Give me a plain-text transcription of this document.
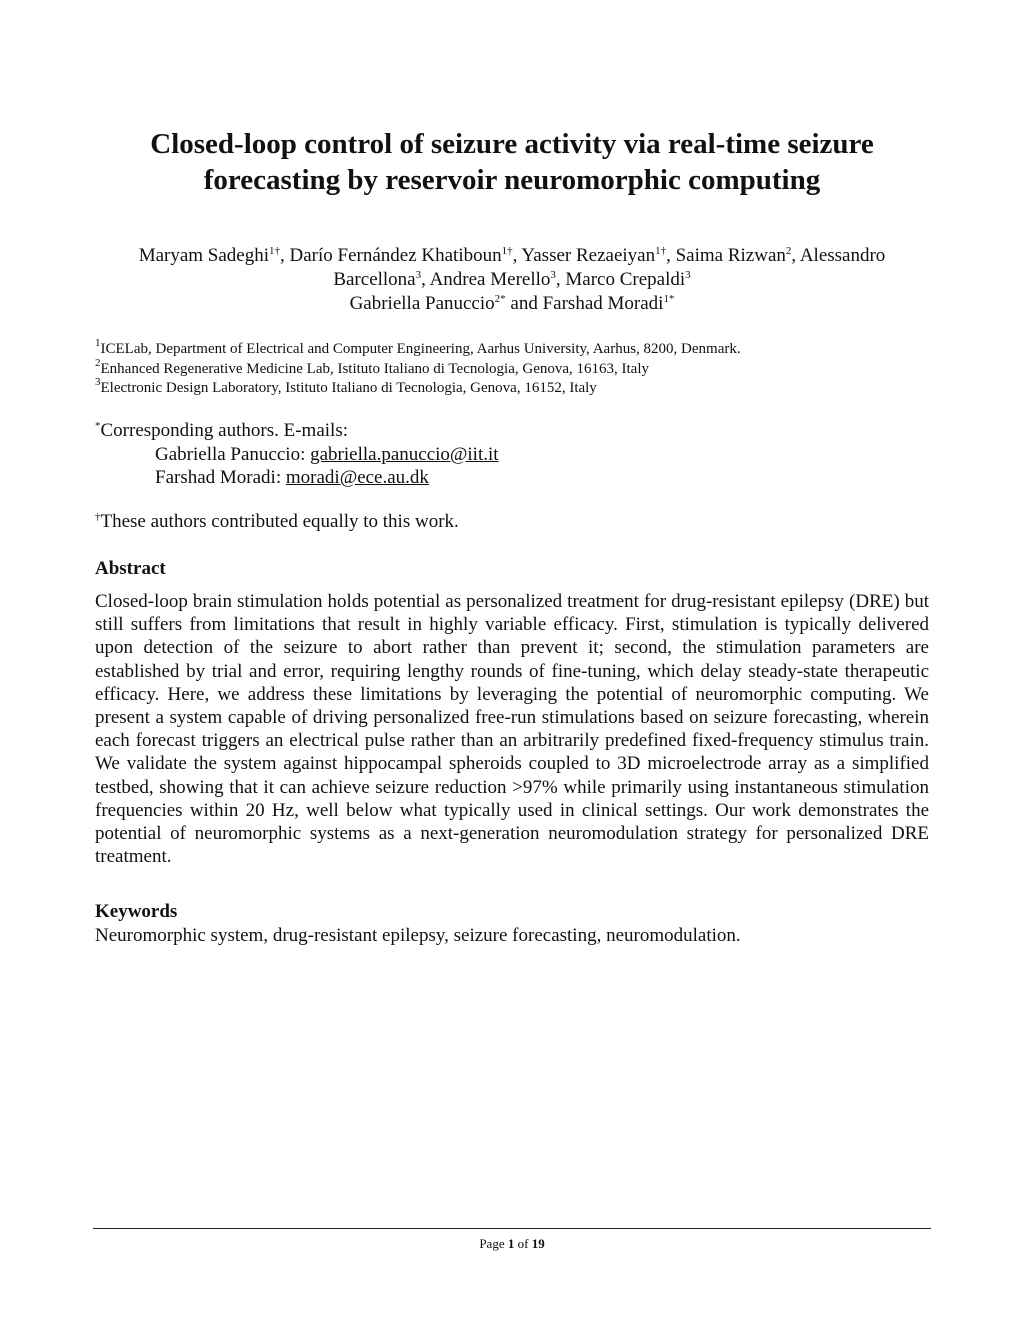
Closed-loop control of seizure activity via real-time seizure forecasting by reservoir neuromorphic computing
Maryam Sadeghi$^{1\dagger}$, Darío Fernández Khatiboun$^{1\dagger}$, Yasser Rezaeiyan$^{1\dagger}$, Saima Rizwan$^2$, Alessandro Barcellona$^3$, Andrea Merello$^3$, Marco Crepaldi$^3$
Gabriella Panuccio$^{2*}$ and Farshad Moradi$^{1*}$
$^1$ICELab, Department of Electrical and Computer Engineering, Aarhus University, Aarhus, 8200, Denmark.
$^2$Enhanced Regenerative Medicine Lab, Istituto Italiano di Tecnologia, Genova, 16163, Italy
$^3$Electronic Design Laboratory, Istituto Italiano di Tecnologia, Genova, 16152, Italy
*Corresponding authors. E-mails:
Gabriella Panuccio: gabriella.panuccio@iit.it
Farshad Moradi: moradi@ece.au.dk
†These authors contributed equally to this work.
Abstract

Closed-loop brain stimulation holds potential as personalized treatment for drug-resistant epilepsy (DRE) but still suffers from limitations that result in highly variable efficacy. First, stimulation is typically delivered upon detection of the seizure to abort rather than prevent it; second, the stimulation parameters are established by trial and error, requiring lengthy rounds of fine-tuning, which delay steady-state therapeutic efficacy. Here, we address these limitations by leveraging the potential of neuromorphic computing. We present a system capable of driving personalized free-run stimulations based on seizure forecasting, wherein each forecast triggers an electrical pulse rather than an arbitrarily predefined fixed-frequency stimulus train. We validate the system against hippocampal spheroids coupled to 3D microelectrode array as a simplified testbed, showing that it can achieve seizure reduction >97% while primarily using instantaneous stimulation frequencies within 20 Hz, well below what typically used in clinical settings. Our work demonstrates the potential of neuromorphic systems as a next-generation neuromodulation strategy for personalized DRE treatment.

Keywords
Neuromorphic system, drug-resistant epilepsy, seizure forecasting, neuromodulation.
Page 1 of 19
